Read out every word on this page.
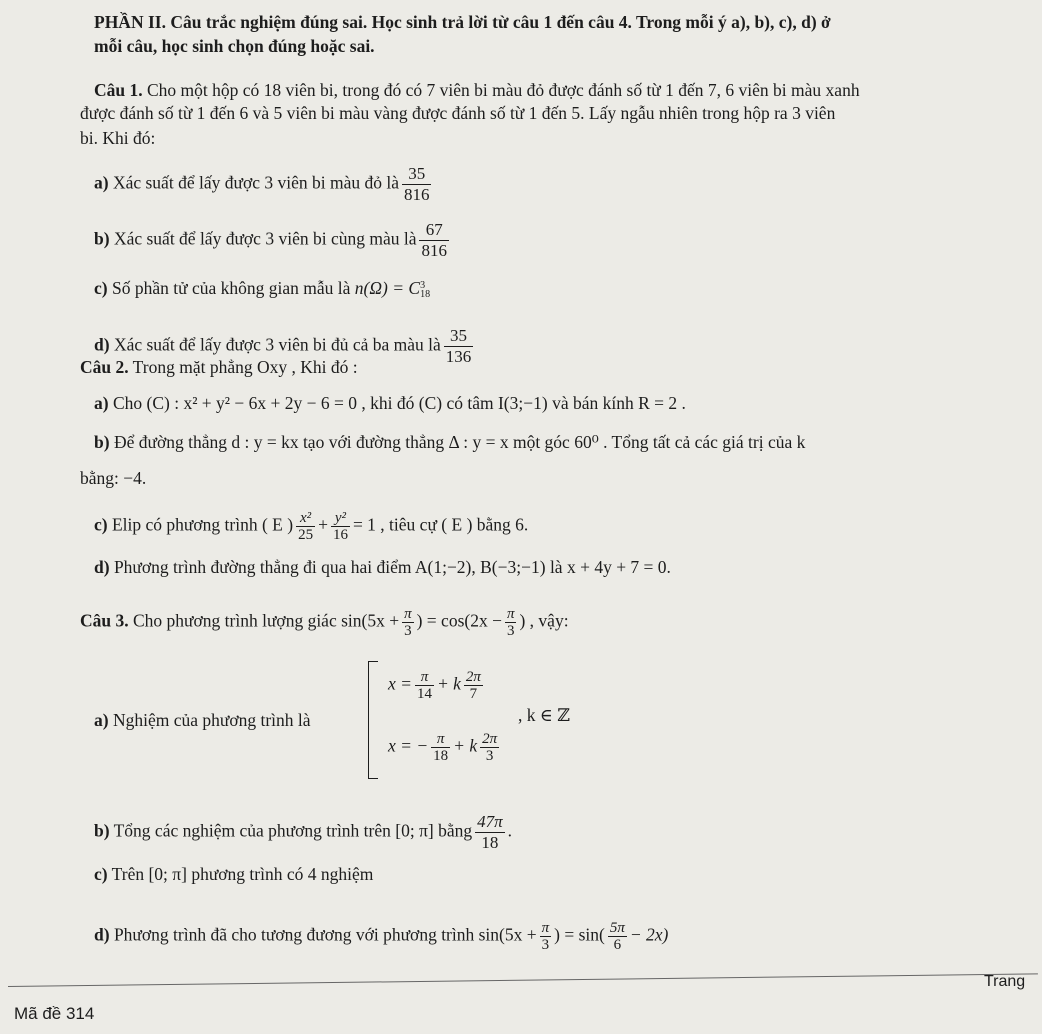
PHẦN II. Câu trắc nghiệm đúng sai. Học sinh trả lời từ câu 1 đến câu 4. Trong mỗi ý a), b), c), d) ở
mỗi câu, học sinh chọn đúng hoặc sai.
Câu 1. Cho một hộp có 18 viên bi, trong đó có 7 viên bi màu đỏ được đánh số từ 1 đến 7, 6 viên bi màu xanh
được đánh số từ 1 đến 6 và 5 viên bi màu vàng được đánh số từ 1 đến 5. Lấy ngẫu nhiên trong hộp ra 3 viên
bi. Khi đó:
a) Xác suất để lấy được 3 viên bi màu đỏ là $\frac{35}{816}$
b) Xác suất để lấy được 3 viên bi cùng màu là $\frac{67}{816}$
c) Số phần tử của không gian mẫu là n(Ω) = C 3
18
d) Xác suất để lấy được 3 viên bi đủ cả ba màu là $\frac{35}{136}$
Câu 2. Trong mặt phẳng Oxy , Khi đó :
a) Cho (C) : x² + y² − 6x + 2y − 6 = 0 , khi đó (C) có tâm I(3;−1) và bán kính R = 2 .
b) Để đường thẳng d : y = kx tạo với đường thẳng Δ : y = x một góc 60⁰ . Tổng tất cả các giá trị của k
bằng: −4.
c) Elip có phương trình ( E ) $\frac{\text{x²}}{25} + \frac{\text{y²}}{16} = 1$ , tiêu cự ( E ) bằng 6.
d) Phương trình đường thẳng đi qua hai điểm A(1;−2), B(−3;−1) là x + 4y + 7 = 0.
Câu 3. Cho phương trình lượng giác $\sin(5x + \frac{\pi}{3}$ ) = $\cos(2x - \frac{\pi}{3}$ ) , vậy:
a) Nghiệm của phương trình là
$x = \frac{\pi}{14} + k \frac{2\pi}{7}$
x = − $\frac{\pi}{18} + k \frac{2\pi}{3}$
, k ∈ ℤ
b) Tổng các nghiệm của phương trình trên [0; π] bằng $\frac{47\pi}{18}$ .
c) Trên [0; π] phương trình có 4 nghiệm
d) Phương trình đã cho tương đương với phương trình $\sin(5x + \frac{\pi}{3}$ ) = $\sin( \frac{5\pi}{6} - 2x)$
Trang
Mã đề 314
